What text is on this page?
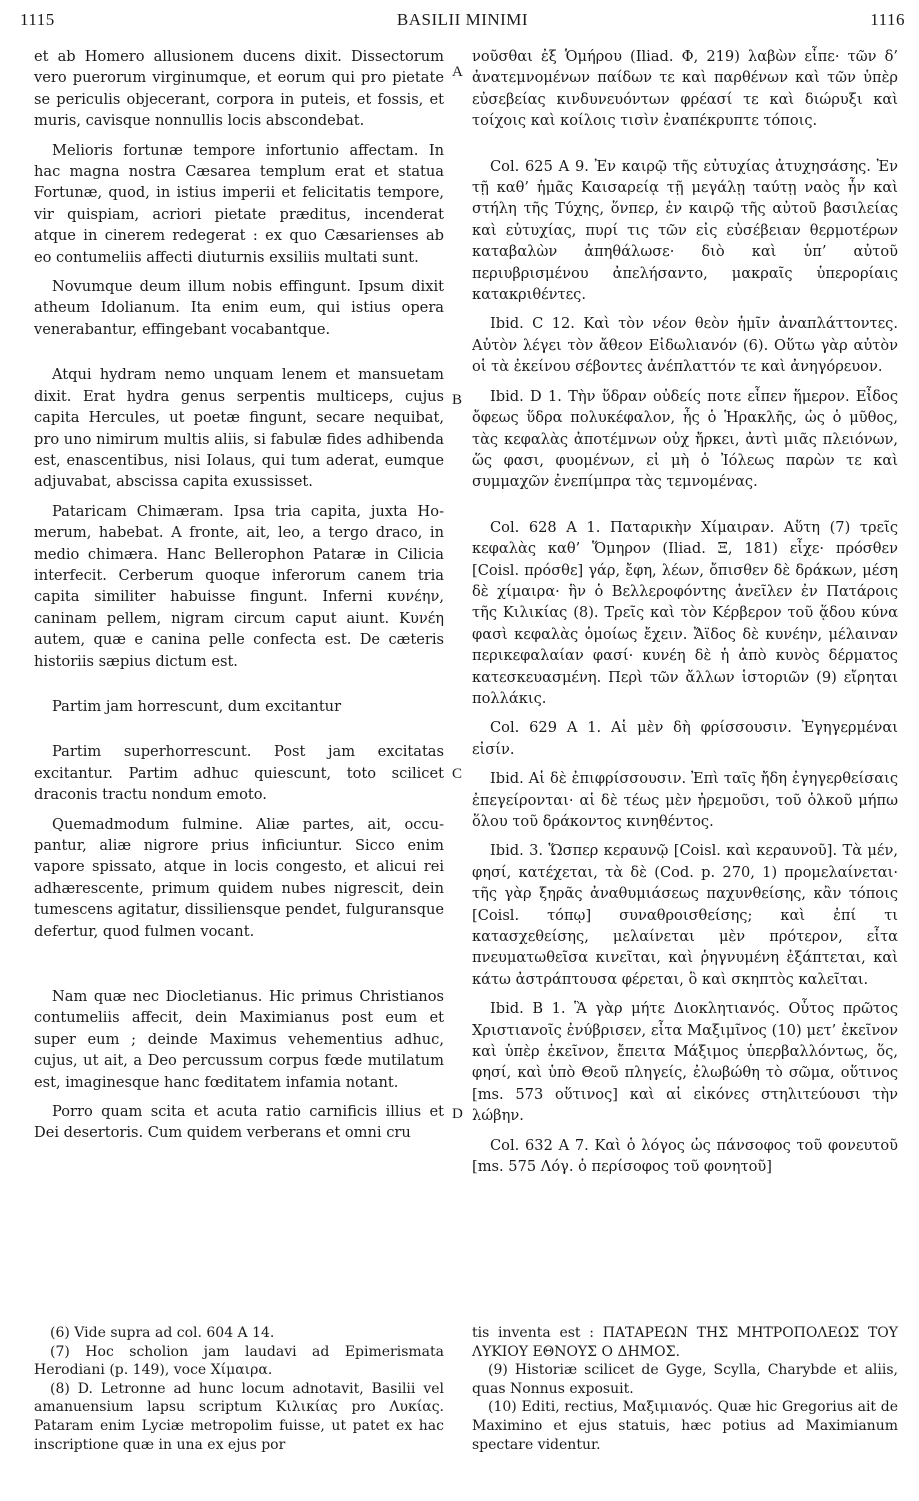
1115	BASILII MINIMI	1116

et ab Homero allusionem ducens dixit. Dissectorum vero puerorum virginumque, et eorum qui pro pietate se periculis objecerant, corpora in puteis, et fossis, et muris, cavisque nonnullis locis abscondebat.

Melioris fortunæ tempore infortunio affectam. In hac magna nostra Cæsarea templum erat et statua Fortunæ, quod, in istius imperii et felicitatis tempore, vir quispiam, acriori pietate præditus, incenderat atque in cinerem redegerat : ex quo Cæsarienses ab eo contumeliis affecti diuturnis exsiliis multati sunt.

Novumque deum illum nobis effingunt. Ipsum dixit atheum Idolianum. Ita enim eum, qui istius opera venerabantur, effingebant vocabantque.

Atqui hydram nemo unquam lenem et mansuetam dixit. Erat hydra genus serpentis multiceps, cujus capita Hercules, ut poetæ fingunt, secare nequibat, pro uno nimirum multis aliis, si fabulæ fides adhibenda est, enascentibus, nisi Iolaus, qui tum aderat, eumque adjuvabat, abscissa capita exussisset.

Pataricam Chimæram. Ipsa tria capita, juxta Homerum, habebat. A fronte, ait, leo, a tergo draco, in medio chimæra. Hanc Bellerophon Pataræ in Cilicia interfecit. Cerberum quoque inferorum canem tria capita similiter habuisse fingunt. Inferni κυνέην, caninam pellem, nigram circum caput aiunt. Κυνέη autem, quæ e canina pelle confecta est. De cæteris historiis sæpius dictum est.

Partim jam horrescunt, dum excitantur

Partim superhorrescunt. Post jam excitatas excitantur. Partim adhuc quiescunt, toto scilicet draconis tractu nondum emoto.

Quemadmodum fulmine. Aliæ partes, ait, occupantur, aliæ nigrore prius inficiuntur. Sicco enim vapore spissato, atque in locis congesto, et alicui rei adhærescente, primum quidem nubes nigrescit, dein tumescens agitatur, dissiliensque pendet, fulguransque defertur, quod fulmen vocant.

Nam quæ nec Diocletianus. Hic primus Christianos contumeliis affecit, dein Maximianus post eum et super eum ; deinde Maximus vehementius adhuc, cujus, ut ait, a Deo percussum corpus fœde mutilatum est, imaginesque hanc fœditatem infamia notant.

Porro quam scita et acuta ratio carnificis illius et Dei desertoris. Cum quidem verberans et omni cru

A
B
C
D

νοῦσθαι ἐξ Ὁμήρου (Iliad. Φ, 219) λαβὼν εἶπε· τῶν δ’ ἀνατεμνομένων παίδων τε καὶ παρθένων καὶ τῶν ὑπὲρ εὐσεβείας κινδυνευόντων φρέασί τε καὶ διώρυξι καὶ τοίχοις καὶ κοίλοις τισὶν ἐναπέκρυπτε τόποις.

Col. 625 A 9. Ἐν καιρῷ τῆς εὐτυχίας ἀτυχησάσης. Ἐν τῇ καθ’ ἡμᾶς Καισαρείᾳ τῇ μεγάλῃ ταύτῃ ναὸς ἦν καὶ στήλη τῆς Τύχης, ὅνπερ, ἐν καιρῷ τῆς αὐτοῦ βασιλείας καὶ εὐτυχίας, πυρί τις τῶν εἰς εὐσέβειαν θερμοτέρων καταβαλὼν ἀπηθάλωσε· διὸ καὶ ὑπ’ αὐτοῦ περιυβρισμένου ἀπελήσαντο, μακραῖς ὑπερορίαις κατακριθέντες.

Ibid. C 12. Καὶ τὸν νέον θεὸν ἡμῖν ἀναπλάττοντες. Αὐτὸν λέγει τὸν ἄθεον Εἰδωλιανόν (6). Οὕτω γὰρ αὐτὸν οἱ τὰ ἐκείνου σέβοντες ἀνέπλαττόν τε καὶ ἀνηγόρευον.

Ibid. D 1. Τὴν ὕδραν οὐδείς ποτε εἶπεν ἥμερον. Εἶδος ὄφεως ὕδρα πολυκέφαλον, ἧς ὁ Ἡρακλῆς, ὡς ὁ μῦθος, τὰς κεφαλὰς ἀποτέμνων οὐχ ἤρκει, ἀντὶ μιᾶς πλειόνων, ὥς φασι, φυομένων, εἰ μὴ ὁ Ἰόλεως παρὼν τε καὶ συμμαχῶν ἐνεπίμπρα τὰς τεμνομένας.

Col. 628 A 1. Παταρικὴν Χίμαιραν. Αὕτη (7) τρεῖς κεφαλὰς καθ’ Ὅμηρον (Iliad. Ξ, 181) εἶχε· πρόσθεν [Coisl. πρόσθε] γάρ, ἔφη, λέων, ὄπισθεν δὲ δράκων, μέση δὲ χίμαιρα· ἣν ὁ Βελλεροφόντης ἀνεῖλεν ἐν Πατάροις τῆς Κιλικίας (8). Τρεῖς καὶ τὸν Κέρβερον τοῦ ᾅδου κύνα φασὶ κεφαλὰς ὁμοίως ἔχειν. Ἄϊδος δὲ κυνέην, μέλαιναν περικεφαλαίαν φασί· κυνέη δὲ ἡ ἀπὸ κυνὸς δέρματος κατεσκευασμένη. Περὶ τῶν ἄλλων ἱστοριῶν (9) εἴρηται πολλάκις.

Col. 629 A 1. Αἱ μὲν δὴ φρίσσουσιν. Ἐγηγερμέναι εἰσίν.

Ibid. Αἱ δὲ ἐπιφρίσσουσιν. Ἐπὶ ταῖς ἤδη ἐγηγερθείσαις ἐπεγείρονται· αἱ δὲ τέως μὲν ἠρεμοῦσι, τοῦ ὁλκοῦ μήπω ὅλου τοῦ δράκοντος κινηθέντος.

Ibid. 3. Ὥσπερ κεραυνῷ [Coisl. καὶ κεραυνοῦ]. Τὰ μέν, φησί, κατέχεται, τὰ δὲ (Cod. p. 270, 1) προμελαίνεται· τῆς γὰρ ξηρᾶς ἀναθυμιάσεως παχυνθείσης, κἂν τόποις [Coisl. τόπῳ] συναθροισθείσης; καὶ ἐπί τι κατασχεθείσης, μελαίνεται μὲν πρότερον, εἶτα πνευματωθεῖσα κινεῖται, καὶ ῥηγνυμένη ἐξάπτεται, καὶ κάτω ἀστράπτουσα φέρεται, ὃ καὶ σκηπτὸς καλεῖται.

Ibid. B 1. Ἃ γὰρ μήτε Διοκλητιανός. Οὗτος πρῶτος Χριστιανοῖς ἐνύβρισεν, εἶτα Μαξιμῖνος (10) μετ’ ἐκεῖνον καὶ ὑπὲρ ἐκεῖνον, ἔπειτα Μάξιμος ὑπερβαλλόντως, ὅς, φησί, καὶ ὑπὸ Θεοῦ πληγείς, ἐλωβώθη τὸ σῶμα, οὕτινος [ms. 573 οὕτινος] καὶ αἱ εἰκόνες στηλιτεύουσι τὴν λώβην.

Col. 632 A 7. Καὶ ὁ λόγος ὡς πάνσοφος τοῦ φονευτοῦ [ms. 575 Λόγ. ὁ περίσοφος τοῦ φονητοῦ]

(6) Vide supra ad col. 604 A 14.

(7) Hoc scholion jam laudavi ad Epimerismata Herodiani (p. 149), voce Χίμαιρα.

(8) D. Letronne ad hunc locum adnotavit, Basilii vel amanuensium lapsu scriptum Κιλικίας pro Λυκίας. Pataram enim Lyciæ metropolim fuisse, ut patet ex hac inscriptione quæ in una ex ejus por

tis inventa est : ΠΑΤΑΡΕΩΝ ΤΗΣ ΜΗΤΡΟΠΟΛΕΩΣ ΤΟΥ ΛΥΚΙΟΥ ΕΘΝΟΥΣ Ο ΔΗΜΟΣ.

(9) Historiæ scilicet de Gyge, Scylla, Charybde et aliis, quas Nonnus exposuit.

(10) Editi, rectius, Μαξιμιανός. Quæ hic Gregorius ait de Maximino et ejus statuis, hæc potius ad Maximianum spectare videntur.
